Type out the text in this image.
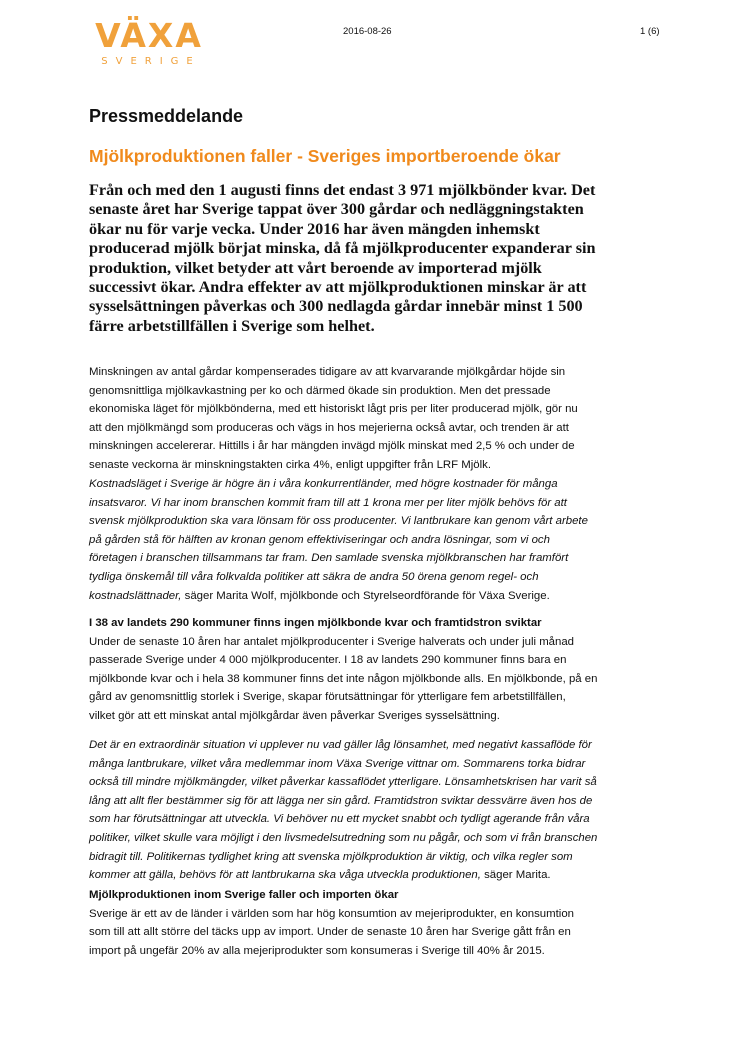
VÄXA
SVERIGE
2016-08-26	1 (6)
Pressmeddelande
Mjölkproduktionen faller - Sveriges importberoende ökar
Från och med den 1 augusti finns det endast 3 971 mjölkbönder kvar. Det
senaste året har Sverige tappat över 300 gårdar och nedläggningstakten
ökar nu för varje vecka. Under 2016 har även mängden inhemskt
producerad mjölk börjat minska, då få mjölkproducenter expanderar sin
produktion, vilket betyder att vårt beroende av importerad mjölk
successivt ökar. Andra effekter av att mjölkproduktionen minskar är att
sysselsättningen påverkas och 300 nedlagda gårdar innebär minst 1 500
färre arbetstillfällen i Sverige som helhet.
Minskningen av antal gårdar kompenserades tidigare av att kvarvarande mjölkgårdar höjde sin
genomsnittliga mjölkavkastning per ko och därmed ökade sin produktion. Men det pressade
ekonomiska läget för mjölkbönderna, med ett historiskt lågt pris per liter producerad mjölk, gör nu
att den mjölkmängd som produceras och vägs in hos mejerierna också avtar, och trenden är att
minskningen accelererar. Hittills i år har mängden invägd mjölk minskat med 2,5 % och under de
senaste veckorna är minskningstakten cirka 4%, enligt uppgifter från LRF Mjölk.
Kostnadsläget i Sverige är högre än i våra konkurrentländer, med högre kostnader för många
insatsvaror. Vi har inom branschen kommit fram till att 1 krona mer per liter mjölk behövs för att
svensk mjölkproduktion ska vara lönsam för oss producenter. Vi lantbrukare kan genom vårt arbete
på gården stå för hälften av kronan genom effektiviseringar och andra lösningar, som vi och
företagen i branschen tillsammans tar fram. Den samlade svenska mjölkbranschen har framfört
tydliga önskemål till våra folkvalda politiker att säkra de andra 50 örena genom regel- och
kostnadslättnader, säger Marita Wolf, mjölkbonde och Styrelseordförande för Växa Sverige.
I 38 av landets 290 kommuner finns ingen mjölkbonde kvar och framtidstron sviktar
Under de senaste 10 åren har antalet mjölkproducenter i Sverige halverats och under juli månad
passerade Sverige under 4 000 mjölkproducenter. I 18 av landets 290 kommuner finns bara en
mjölkbonde kvar och i hela 38 kommuner finns det inte någon mjölkbonde alls. En mjölkbonde, på en
gård av genomsnittlig storlek i Sverige, skapar förutsättningar för ytterligare fem arbetstillfällen,
vilket gör att ett minskat antal mjölkgårdar även påverkar Sveriges sysselsättning.
Det är en extraordinär situation vi upplever nu vad gäller låg lönsamhet, med negativt kassaflöde för
många lantbrukare, vilket våra medlemmar inom Växa Sverige vittnar om. Sommarens torka bidrar
också till mindre mjölkmängder, vilket påverkar kassaflödet ytterligare. Lönsamhetskrisen har varit så
lång att allt fler bestämmer sig för att lägga ner sin gård. Framtidstron sviktar dessvärre även hos de
som har förutsättningar att utveckla. Vi behöver nu ett mycket snabbt och tydligt agerande från våra
politiker, vilket skulle vara möjligt i den livsmedelsutredning som nu pågår, och som vi från branschen
bidragit till. Politikernas tydlighet kring att svenska mjölkproduktion är viktig, och vilka regler som
kommer att gälla, behövs för att lantbrukarna ska våga utveckla produktionen, säger Marita.
Mjölkproduktionen inom Sverige faller och importen ökar
Sverige är ett av de länder i världen som har hög konsumtion av mejeriprodukter, en konsumtion
som till att allt större del täcks upp av import. Under de senaste 10 åren har Sverige gått från en
import på ungefär 20% av alla mejeriprodukter som konsumeras i Sverige till 40% år 2015.
